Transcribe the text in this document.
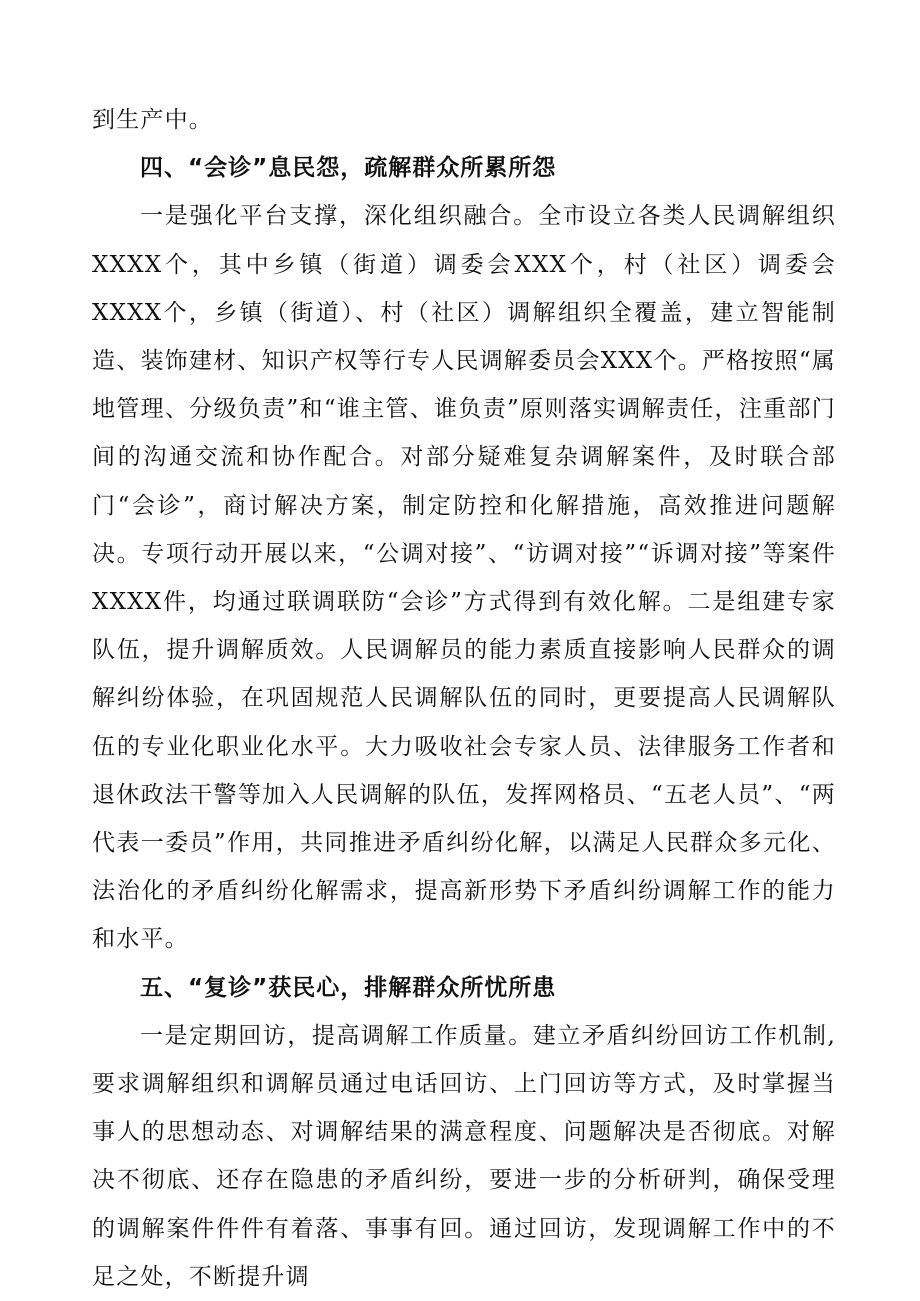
到生产中。

四、“会诊”息民怨，疏解群众所累所怨

一是强化平台支撑，深化组织融合。全市设立各类人民调解组织XXXX个，其中乡镇（街道）调委会XXX个，村（社区）调委会XXXX个，乡镇（街道）、村（社区）调解组织全覆盖，建立智能制造、装饰建材、知识产权等行专人民调解委员会XXX个。严格按照“属地管理、分级负责”和“谁主管、谁负责”原则落实调解责任，注重部门间的沟通交流和协作配合。对部分疑难复杂调解案件，及时联合部门“会诊”，商讨解决方案，制定防控和化解措施，高效推进问题解决。专项行动开展以来，“公调对接”、“访调对接”“诉调对接”等案件XXXX件，均通过联调联防“会诊”方式得到有效化解。二是组建专家队伍，提升调解质效。人民调解员的能力素质直接影响人民群众的调解纠纷体验，在巩固规范人民调解队伍的同时，更要提高人民调解队伍的专业化职业化水平。大力吸收社会专家人员、法律服务工作者和退休政法干警等加入人民调解的队伍，发挥网格员、“五老人员”、“两代表一委员”作用，共同推进矛盾纠纷化解，以满足人民群众多元化、法治化的矛盾纠纷化解需求，提高新形势下矛盾纠纷调解工作的能力和水平。

五、“复诊”获民心，排解群众所忧所患

一是定期回访，提高调解工作质量。建立矛盾纠纷回访工作机制,要求调解组织和调解员通过电话回访、上门回访等方式，及时掌握当事人的思想动态、对调解结果的满意程度、问题解决是否彻底。对解决不彻底、还存在隐患的矛盾纠纷，要进一步的分析研判，确保受理的调解案件件件有着落、事事有回。通过回访，发现调解工作中的不足之处，不断提升调
